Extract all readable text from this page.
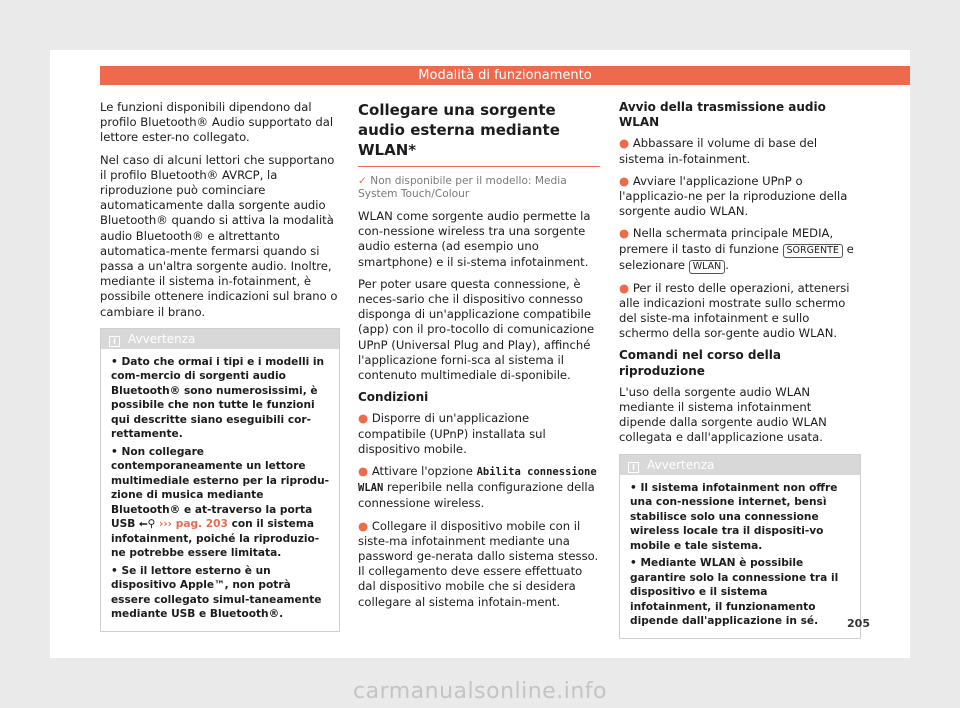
Modalità di funzionamento

Le funzioni disponibili dipendono dal profilo Bluetooth® Audio supportato dal lettore ester-no collegato.

Nel caso di alcuni lettori che supportano il profilo Bluetooth® AVRCP, la riproduzione può cominciare automaticamente dalla sorgente audio Bluetooth® quando si attiva la modalità audio Bluetooth® e altrettanto automatica-mente fermarsi quando si passa a un'altra sorgente audio. Inoltre, mediante il sistema in-fotainment, è possibile ottenere indicazioni sul brano o cambiare il brano.

i Avvertenza

• Dato che ormai i tipi e i modelli in com-mercio di sorgenti audio Bluetooth® sono numerosissimi, è possibile che non tutte le funzioni qui descritte siano eseguibili cor-rettamente.

• Non collegare contemporaneamente un lettore multimediale esterno per la riprodu-zione di musica mediante Bluetooth® e at-traverso la porta USB ⭠⚲ ››› pag. 203 con il sistema infotainment, poiché la riproduzio-ne potrebbe essere limitata.

• Se il lettore esterno è un dispositivo Apple™, non potrà essere collegato simul-taneamente mediante USB e Bluetooth®.

Collegare una sorgente audio esterna mediante WLAN*
✓ Non disponibile per il modello: Media System Touch/Colour

WLAN come sorgente audio permette la con-nessione wireless tra una sorgente audio esterna (ad esempio uno smartphone) e il si-stema infotainment.

Per poter usare questa connessione, è neces-sario che il dispositivo connesso disponga di un'applicazione compatibile (app) con il pro-tocollo di comunicazione UPnP (Universal Plug and Play), affinché l'applicazione forni-sca al sistema il contenuto multimediale di-sponibile.

Condizioni

● Disporre di un'applicazione compatibile (UPnP) installata sul dispositivo mobile.

● Attivare l'opzione Abilita connessione WLAN reperibile nella configurazione della connessione wireless.

● Collegare il dispositivo mobile con il siste-ma infotainment mediante una password ge-nerata dallo sistema stesso. Il collegamento deve essere effettuato dal dispositivo mobile che si desidera collegare al sistema infotain-ment.

Avvio della trasmissione audio WLAN

● Abbassare il volume di base del sistema in-fotainment.

● Avviare l'applicazione UPnP o l'applicazio-ne per la riproduzione della sorgente audio WLAN.

● Nella schermata principale MEDIA, premere il tasto di funzione SORGENTE e selezionare WLAN .

● Per il resto delle operazioni, attenersi alle indicazioni mostrate sullo schermo del siste-ma infotainment e sullo schermo della sor-gente audio WLAN.

Comandi nel corso della riproduzione

L'uso della sorgente audio WLAN mediante il sistema infotainment dipende dalla sorgente audio WLAN collegata e dall'applicazione usata.

i Avvertenza

• Il sistema infotainment non offre una con-nessione internet, bensì stabilisce solo una connessione wireless locale tra il dispositi-vo mobile e tale sistema.

• Mediante WLAN è possibile garantire solo la connessione tra il dispositivo e il sistema infotainment, il funzionamento dipende dall'applicazione in sé.	205
carmanualsonline.info
